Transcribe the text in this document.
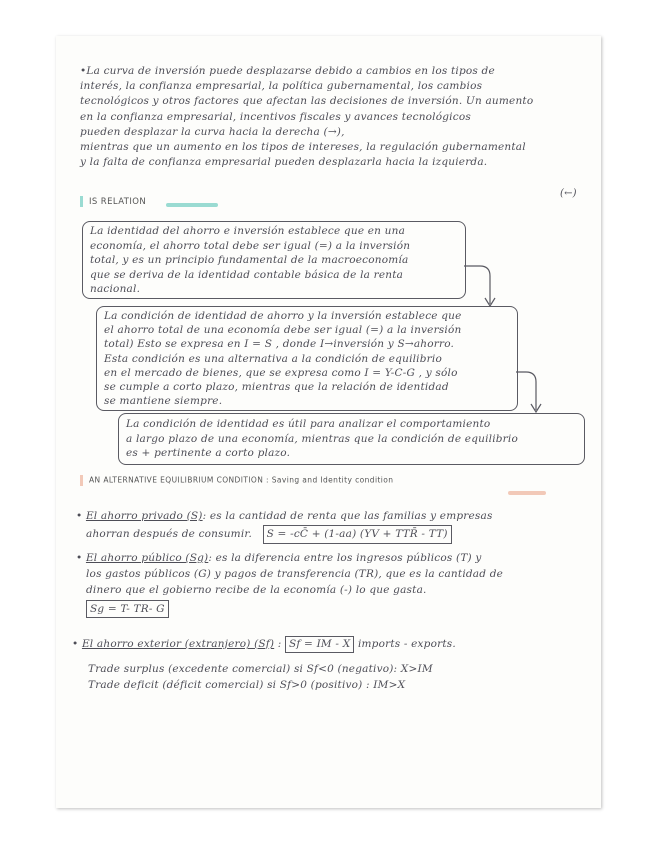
•La curva de inversión puede desplazarse debido a cambios en los tipos de

interés, la confianza empresarial, la política gubernamental, los cambios

tecnológicos y otros factores que afectan las decisiones de inversión. Un aumento

en la confianza empresarial, incentivos fiscales y avances tecnológicos

pueden desplazar la curva hacia la derecha (→),

mientras que un aumento en los tipos de intereses, la regulación gubernamental

y la falta de confianza empresarial pueden desplazarla hacia la izquierda.

(←)
IS RELATION

La identidad del ahorro e inversión establece que en una

economía, el ahorro total debe ser igual (=) a la inversión

total, y es un principio fundamental de la macroeconomía

que se deriva de la identidad contable básica de la renta

nacional.

La condición de identidad de ahorro y la inversión establece que

el ahorro total de una economía debe ser igual (=) a la inversión

total) Esto se expresa en I = S , donde I→inversión y S→ahorro.

Esta condición es una alternativa a la condición de equilibrio

en el mercado de bienes, que se expresa como I = Y-C-G , y sólo

se cumple a corto plazo, mientras que la relación de identidad

se mantiene siempre.

La condición de identidad es útil para analizar el comportamiento

a largo plazo de una economía, mientras que la condición de equilibrio

es + pertinente a corto plazo.

AN ALTERNATIVE EQUILIBRIUM CONDITION : Saving and Identity condition

• El ahorro privado (S): es la cantidad de renta que las familias y empresas

ahorran después de consumir. S = -cC̄ + (1-aa) (YV + TTR̄ - TT)

• El ahorro público (Sg): es la diferencia entre los ingresos públicos (T) y

los gastos públicos (G) y pagos de transferencia (TR), que es la cantidad de

dinero que el gobierno recibe de la economía (-) lo que gasta.

Sg = T- TR- G

• El ahorro exterior (extranjero) (Sf) : Sf = IM - X imports - exports.

Trade surplus (excedente comercial) si Sf<0 (negativo): X>IM

Trade deficit (déficit comercial) si Sf>0 (positivo) : IM>X
